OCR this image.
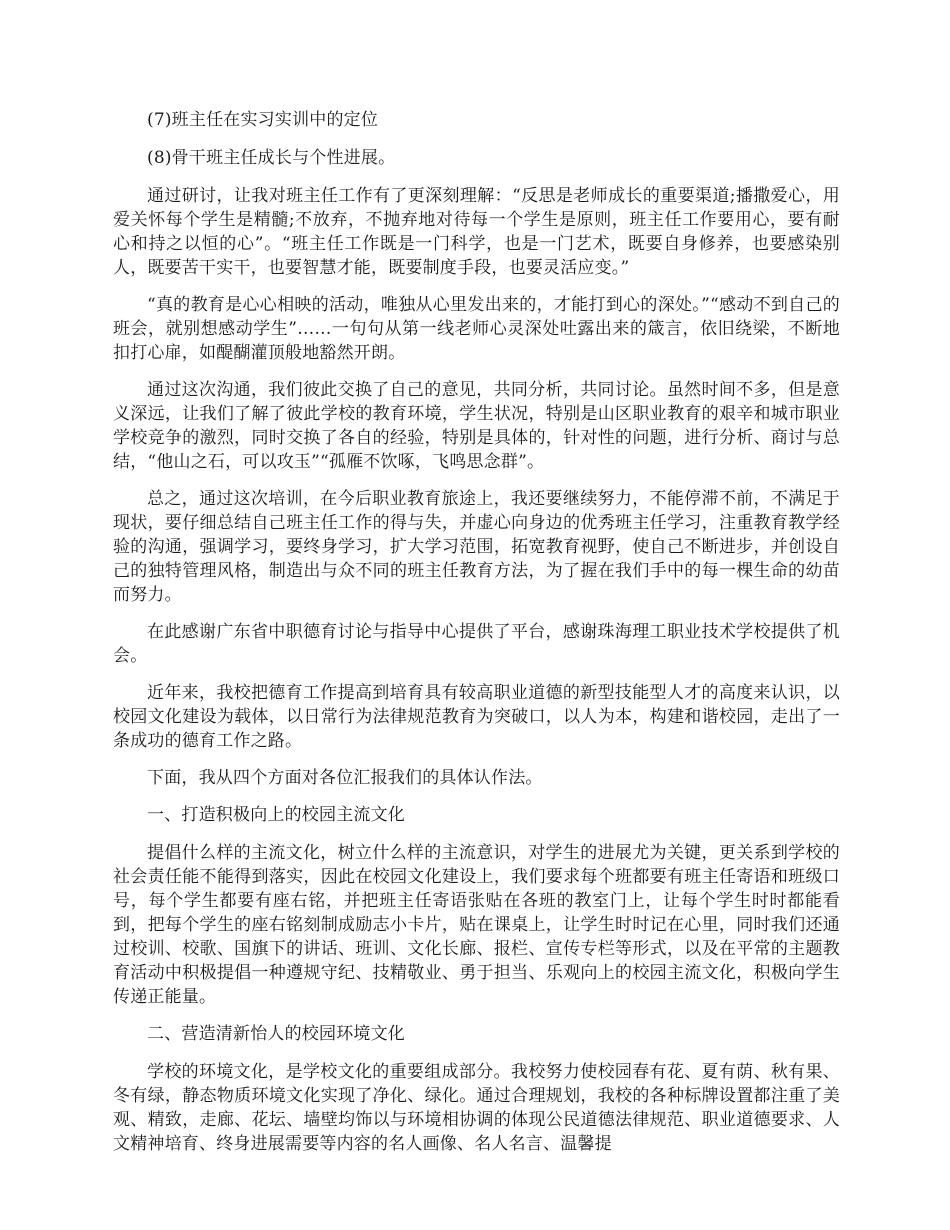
(7)班主任在实习实训中的定位

(8)骨干班主任成长与个性进展。

通过研讨，让我对班主任工作有了更深刻理解：“反思是老师成长的重要渠道;播撒爱心，用爱关怀每个学生是精髓;不放弃，不抛弃地对待每一个学生是原则，班主任工作要用心，要有耐心和持之以恒的心”。“班主任工作既是一门科学，也是一门艺术，既要自身修养，也要感染别人，既要苦干实干，也要智慧才能，既要制度手段，也要灵活应变。”

“真的教育是心心相映的活动，唯独从心里发出来的，才能打到心的深处。”“感动不到自己的班会，就别想感动学生”……一句句从第一线老师心灵深处吐露出来的箴言，依旧绕梁，不断地扣打心扉，如醍醐灌顶般地豁然开朗。

通过这次沟通，我们彼此交换了自己的意见，共同分析，共同讨论。虽然时间不多，但是意义深远，让我们了解了彼此学校的教育环境，学生状况，特别是山区职业教育的艰辛和城市职业学校竞争的激烈，同时交换了各自的经验，特别是具体的，针对性的问题，进行分析、商讨与总结，“他山之石，可以攻玉”“孤雁不饮啄，飞鸣思念群”。

总之，通过这次培训，在今后职业教育旅途上，我还要继续努力，不能停滞不前，不满足于现状，要仔细总结自己班主任工作的得与失，并虚心向身边的优秀班主任学习，注重教育教学经验的沟通，强调学习，要终身学习，扩大学习范围，拓宽教育视野，使自己不断进步，并创设自己的独特管理风格，制造出与众不同的班主任教育方法，为了握在我们手中的每一棵生命的幼苗而努力。

在此感谢广东省中职德育讨论与指导中心提供了平台，感谢珠海理工职业技术学校提供了机会。

近年来，我校把德育工作提高到培育具有较高职业道德的新型技能型人才的高度来认识，以校园文化建设为载体，以日常行为法律规范教育为突破口，以人为本，构建和谐校园，走出了一条成功的德育工作之路。

下面，我从四个方面对各位汇报我们的具体认作法。

一、打造积极向上的校园主流文化

提倡什么样的主流文化，树立什么样的主流意识，对学生的进展尤为关键，更关系到学校的社会责任能不能得到落实，因此在校园文化建设上，我们要求每个班都要有班主任寄语和班级口号，每个学生都要有座右铭，并把班主任寄语张贴在各班的教室门上，让每个学生时时都能看到，把每个学生的座右铭刻制成励志小卡片，贴在课桌上，让学生时时记在心里，同时我们还通过校训、校歌、国旗下的讲话、班训、文化长廊、报栏、宣传专栏等形式，以及在平常的主题教育活动中积极提倡一种遵规守纪、技精敬业、勇于担当、乐观向上的校园主流文化，积极向学生传递正能量。

二、营造清新怡人的校园环境文化

学校的环境文化，是学校文化的重要组成部分。我校努力使校园春有花、夏有荫、秋有果、冬有绿，静态物质环境文化实现了净化、绿化。通过合理规划，我校的各种标牌设置都注重了美观、精致，走廊、花坛、墙壁均饰以与环境相协调的体现公民道德法律规范、职业道德要求、人文精神培育、终身进展需要等内容的名人画像、名人名言、温馨提
